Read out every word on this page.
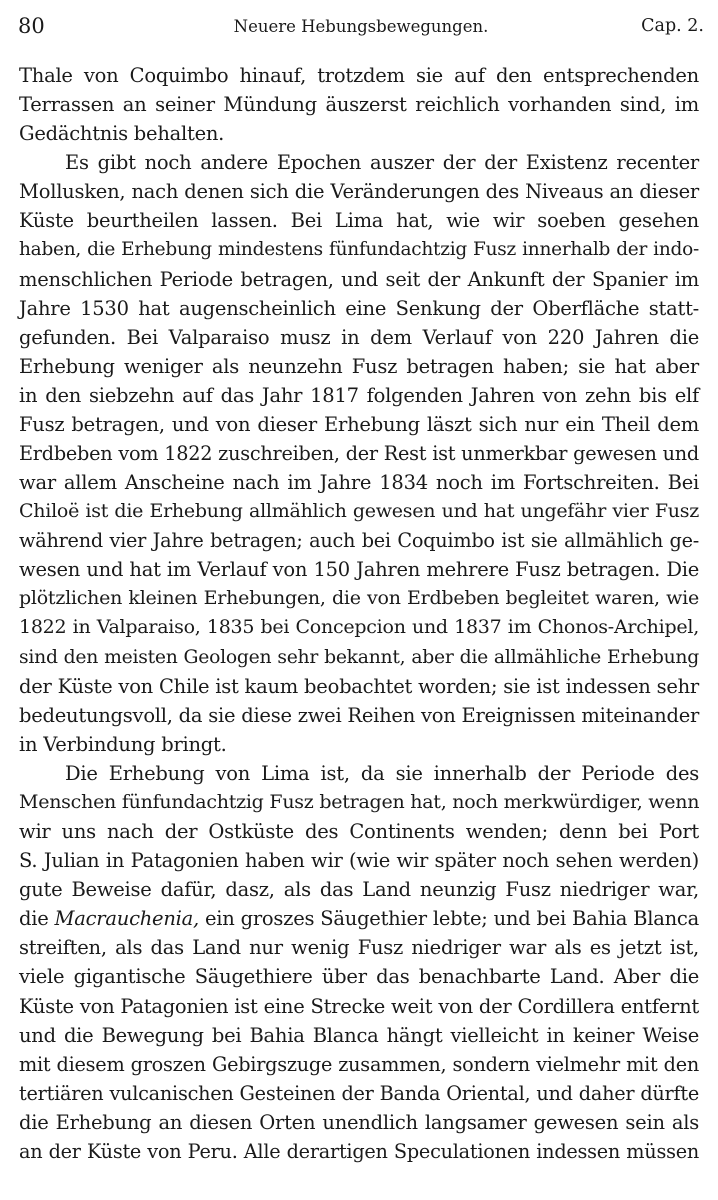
80	Neuere Hebungsbewegungen.	Cap. 2.
Thale von Coquimbo hinauf, trotzdem sie auf den entsprechenden
Terrassen an seiner Mündung äuszerst reichlich vorhanden sind, im
Gedächtnis behalten.
Es gibt noch andere Epochen auszer der der Existenz recenter
Mollusken, nach denen sich die Veränderungen des Niveaus an dieser
Küste beurtheilen lassen. Bei Lima hat, wie wir soeben gesehen
haben, die Erhebung mindestens fünfundachtzig Fusz innerhalb der indo-
menschlichen Periode betragen, und seit der Ankunft der Spanier im
Jahre 1530 hat augenscheinlich eine Senkung der Oberfläche statt-
gefunden. Bei Valparaiso musz in dem Verlauf von 220 Jahren die
Erhebung weniger als neunzehn Fusz betragen haben; sie hat aber
in den siebzehn auf das Jahr 1817 folgenden Jahren von zehn bis elf
Fusz betragen, und von dieser Erhebung läszt sich nur ein Theil dem
Erdbeben vom 1822 zuschreiben, der Rest ist unmerkbar gewesen und
war allem Anscheine nach im Jahre 1834 noch im Fortschreiten. Bei
Chiloë ist die Erhebung allmählich gewesen und hat ungefähr vier Fusz
während vier Jahre betragen; auch bei Coquimbo ist sie allmählich ge-
wesen und hat im Verlauf von 150 Jahren mehrere Fusz betragen. Die
plötzlichen kleinen Erhebungen, die von Erdbeben begleitet waren, wie
1822 in Valparaiso, 1835 bei Concepcion und 1837 im Chonos-Archipel,
sind den meisten Geologen sehr bekannt, aber die allmähliche Erhebung
der Küste von Chile ist kaum beobachtet worden; sie ist indessen sehr
bedeutungsvoll, da sie diese zwei Reihen von Ereignissen miteinander
in Verbindung bringt.
Die Erhebung von Lima ist, da sie innerhalb der Periode des
Menschen fünfundachtzig Fusz betragen hat, noch merkwürdiger, wenn
wir uns nach der Ostküste des Continents wenden; denn bei Port
S. Julian in Patagonien haben wir (wie wir später noch sehen werden)
gute Beweise dafür, dasz, als das Land neunzig Fusz niedriger war,
die Macrauchenia, ein groszes Säugethier lebte; und bei Bahia Blanca
streiften, als das Land nur wenig Fusz niedriger war als es jetzt ist,
viele gigantische Säugethiere über das benachbarte Land. Aber die
Küste von Patagonien ist eine Strecke weit von der Cordillera entfernt
und die Bewegung bei Bahia Blanca hängt vielleicht in keiner Weise
mit diesem groszen Gebirgszuge zusammen, sondern vielmehr mit den
tertiären vulcanischen Gesteinen der Banda Oriental, und daher dürfte
die Erhebung an diesen Orten unendlich langsamer gewesen sein als
an der Küste von Peru. Alle derartigen Speculationen indessen müssen
